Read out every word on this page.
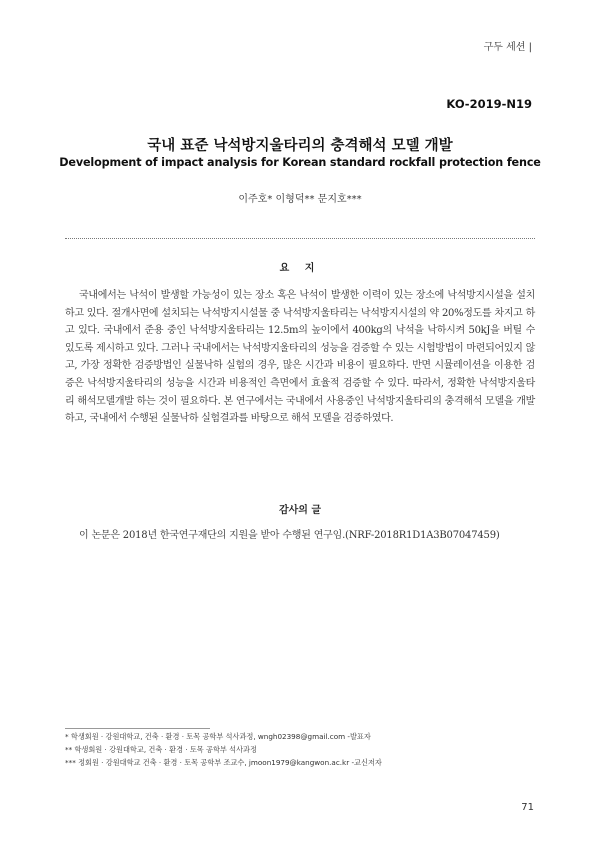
구두 세션 |
KO-2019-N19
국내 표준 낙석방지울타리의 충격해석 모델 개발
Development of impact analysis for Korean standard rockfall protection fence
이주호* 이형덕** 문지호***
요 지

국내에서는 낙석이 발생할 가능성이 있는 장소 혹은 낙석이 발생한 이력이 있는 장소에 낙석방지시설을 설치하고 있다. 절개사면에 설치되는 낙석방지시설물 중 낙석방지울타리는 낙석방지시설의 약 20%정도를 차지고 하고 있다. 국내에서 준용 중인 낙석방지울타리는 12.5m의 높이에서 400kg의 낙석을 낙하시켜 50kJ을 버틸 수 있도록 제시하고 있다. 그러나 국내에서는 낙석방지울타리의 성능을 검증할 수 있는 시험방법이 마련되어있지 않고, 가장 정확한 검증방법인 실물낙하 실험의 경우, 많은 시간과 비용이 필요하다. 반면 시뮬레이션을 이용한 검증은 낙석방지울타리의 성능을 시간과 비용적인 측면에서 효율적 검증할 수 있다. 따라서, 정확한 낙석방지울타리 해석모델개발 하는 것이 필요하다. 본 연구에서는 국내에서 사용중인 낙석방지울타리의 충격해석 모델을 개발하고, 국내에서 수행된 실물낙하 실험결과를 바탕으로 해석 모델을 검증하였다.

감사의 글

이 논문은 2018년 한국연구재단의 지원을 받아 수행된 연구임.(NRF-2018R1D1A3B07047459)

* 학생회원 · 강원대학교, 건축 · 환경 · 토목 공학부 석사과정, wngh02398@gmail.com -발표자
** 학생회원 · 강원대학교, 건축 · 환경 · 토목 공학부 석사과정
*** 정회원 · 강원대학교 건축 · 환경 · 토목 공학부 조교수, jmoon1979@kangwon.ac.kr -교신저자
71
